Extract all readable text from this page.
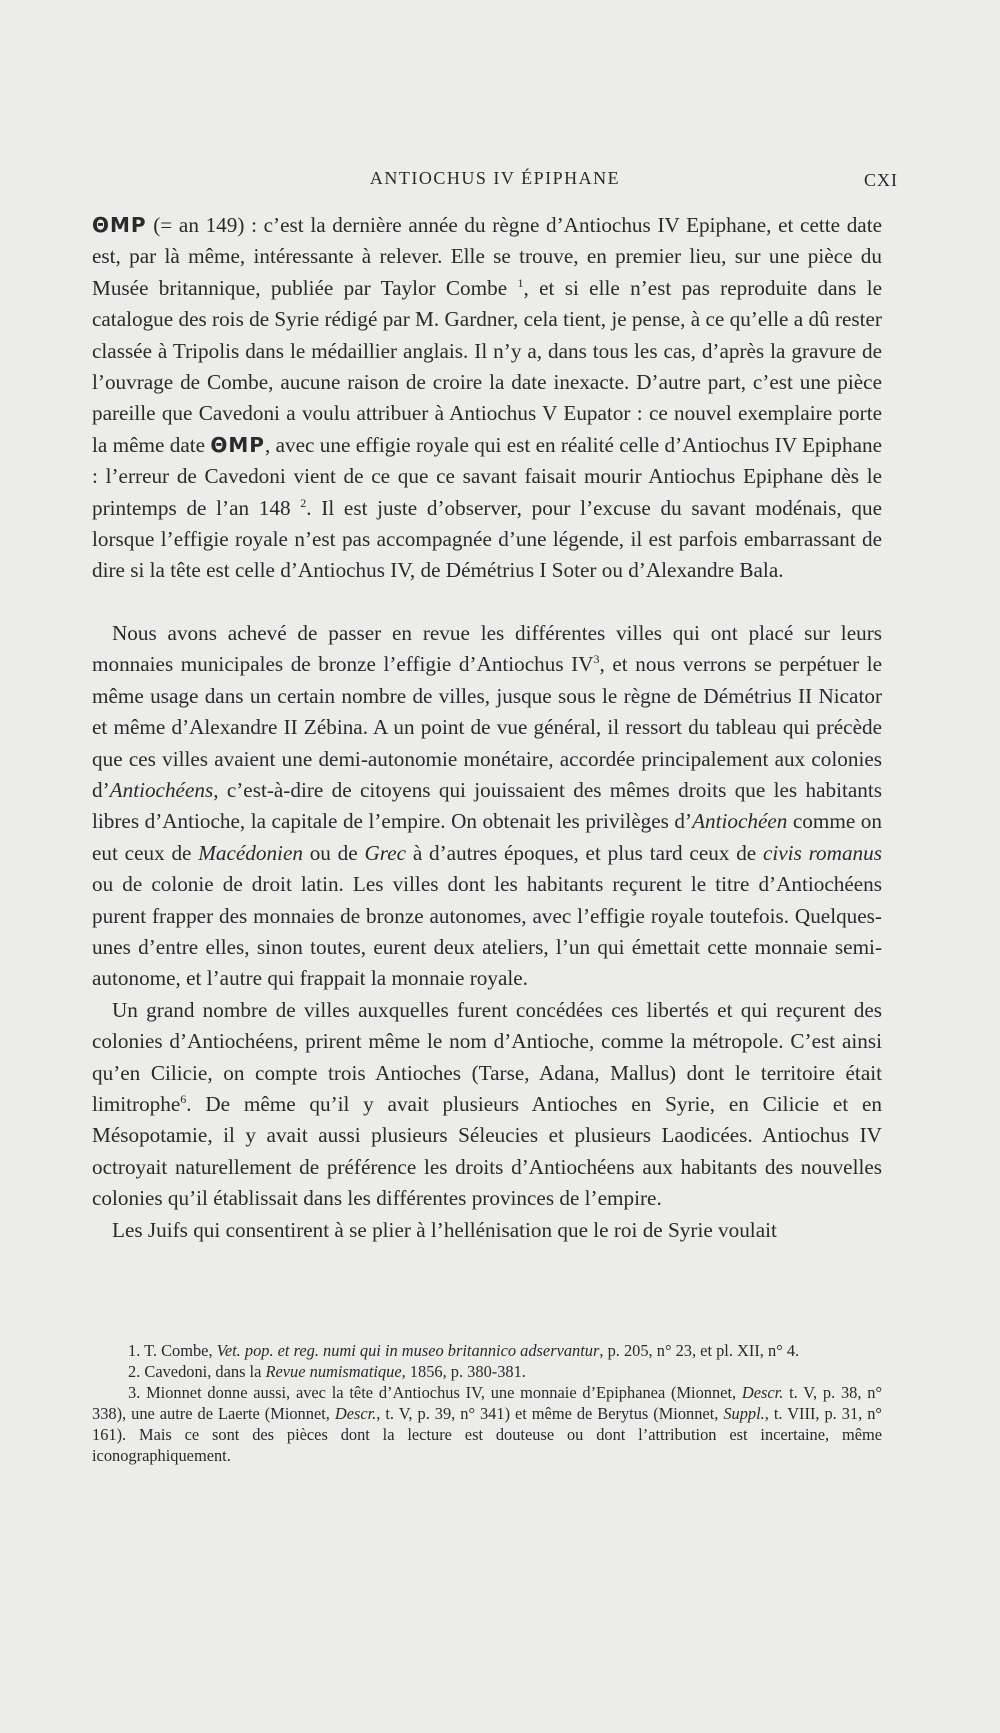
ANTIOCHUS IV ÉPIPHANE	CXI

ΘMP (= an 149) : c’est la dernière année du règne d’Antiochus IV Epiphane, et cette date est, par là même, intéressante à relever. Elle se trouve, en premier lieu, sur une pièce du Musée britannique, publiée par Taylor Combe $^1$, et si elle n’est pas reproduite dans le catalogue des rois de Syrie rédigé par M. Gardner, cela tient, je pense, à ce qu’elle a dû rester classée à Tripolis dans le médaillier anglais. Il n’y a, dans tous les cas, d’après la gravure de l’ouvrage de Combe, aucune raison de croire la date inexacte. D’autre part, c’est une pièce pareille que Cavedoni a voulu attribuer à Antiochus V Eupator : ce nouvel exemplaire porte la même date ΘMP, avec une effigie royale qui est en réalité celle d’Antiochus IV Epiphane : l’erreur de Cavedoni vient de ce que ce savant faisait mourir Antiochus Epiphane dès le printemps de l’an 148 $^2$. Il est juste d’observer, pour l’excuse du savant modénais, que lorsque l’effigie royale n’est pas accompagnée d’une légende, il est parfois embarrassant de dire si la tête est celle d’Antiochus IV, de Démétrius I Soter ou d’Alexandre Bala.

Nous avons achevé de passer en revue les différentes villes qui ont placé sur leurs monnaies municipales de bronze l’effigie d’Antiochus $IV^3$, et nous verrons se perpétuer le même usage dans un certain nombre de villes, jusque sous le règne de Démétrius II Nicator et même d’Alexandre II Zébina. A un point de vue général, il ressort du tableau qui précède que ces villes avaient une demi-autonomie monétaire, accordée principalement aux colonies d’Antiochéens, c’est-à-dire de citoyens qui jouissaient des mêmes droits que les habitants libres d’Antioche, la capitale de l’empire. On obtenait les privilèges d’Antiochéen comme on eut ceux de Macédonien ou de Grec à d’autres époques, et plus tard ceux de civis romanus ou de colonie de droit latin. Les villes dont les habitants reçurent le titre d’Antiochéens purent frapper des monnaies de bronze autonomes, avec l’effigie royale toutefois. Quelques-unes d’entre elles, sinon toutes, eurent deux ateliers, l’un qui émettait cette monnaie semi-autonome, et l’autre qui frappait la monnaie royale.

Un grand nombre de villes auxquelles furent concédées ces libertés et qui reçurent des colonies d’Antiochéens, prirent même le nom d’Antioche, comme la métropole. C’est ainsi qu’en Cilicie, on compte trois Antioches (Tarse, Adana, Mallus) dont le territoire était limitrophe$^6$. De même qu’il y avait plusieurs Antioches en Syrie, en Cilicie et en Mésopotamie, il y avait aussi plusieurs Séleucies et plusieurs Laodicées. Antiochus IV octroyait naturellement de préférence les droits d’Antiochéens aux habitants des nouvelles colonies qu’il établissait dans les différentes provinces de l’empire.

Les Juifs qui consentirent à se plier à l’hellénisation que le roi de Syrie voulait

1. T. Combe, Vet. pop. et reg. numi qui in museo britannico adservantur, p. 205, n° 23, et pl. XII, n° 4.

2. Cavedoni, dans la Revue numismatique, 1856, p. 380-381.

3. Mionnet donne aussi, avec la tête d’Antiochus IV, une monnaie d’Epiphanea (Mionnet, Descr. t. V, p. 38, n° 338), une autre de Laerte (Mionnet, Descr., t. V, p. 39, n° 341) et même de Berytus (Mionnet, Suppl., t. VIII, p. 31, n° 161). Mais ce sont des pièces dont la lecture est douteuse ou dont l’attribution est incertaine, même iconographiquement.
